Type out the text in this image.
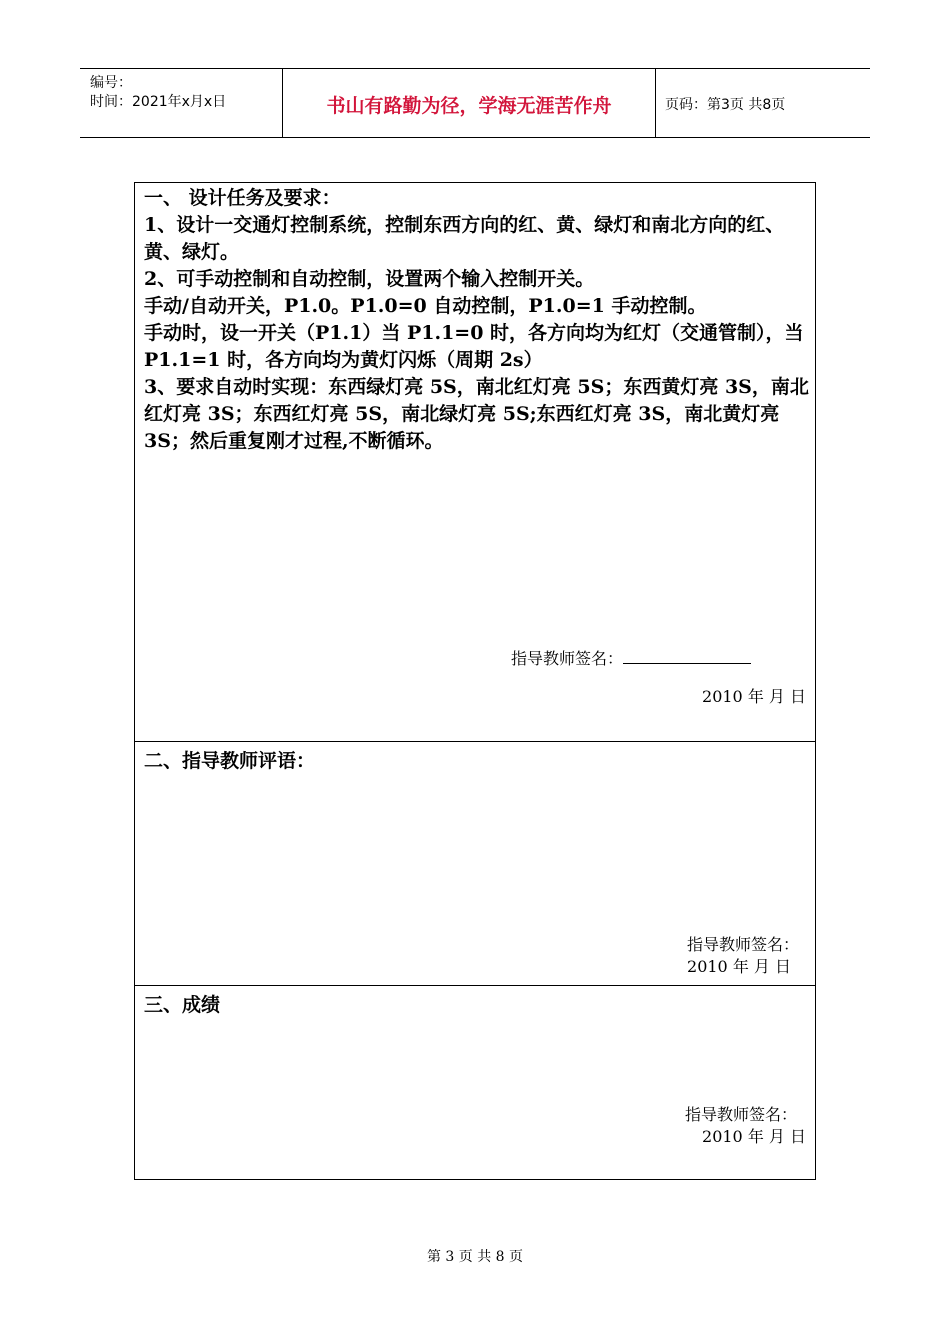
编号：
时间：2021年x月x日	书山有路勤为径，学海无涯苦作舟	页码：第3页 共8页

一、 设计任务及要求：

1、设计一交通灯控制系统，控制东西方向的红、黄、绿灯和南北方向的红、黄、绿灯。

2、可手动控制和自动控制，设置两个输入控制开关。

手动/自动开关，P1.0。P1.0=0 自动控制，P1.0=1 手动控制。

手动时，设一开关（P1.1）当 P1.1=0 时，各方向均为红灯（交通管制），当 P1.1=1 时，各方向均为黄灯闪烁（周期 2s）

3、要求自动时实现：东西绿灯亮 5S，南北红灯亮 5S；东西黄灯亮 3S，南北红灯亮 3S；东西红灯亮 5S，南北绿灯亮 5S;东西红灯亮 3S，南北黄灯亮 3S；然后重复刚才过程,不断循环。

指导教师签名：
2010 年 月 日
二、指导教师评语：
指导教师签名：
2010 年 月 日
三、成绩
指导教师签名：
2010 年 月 日
第 3 页 共 8 页
